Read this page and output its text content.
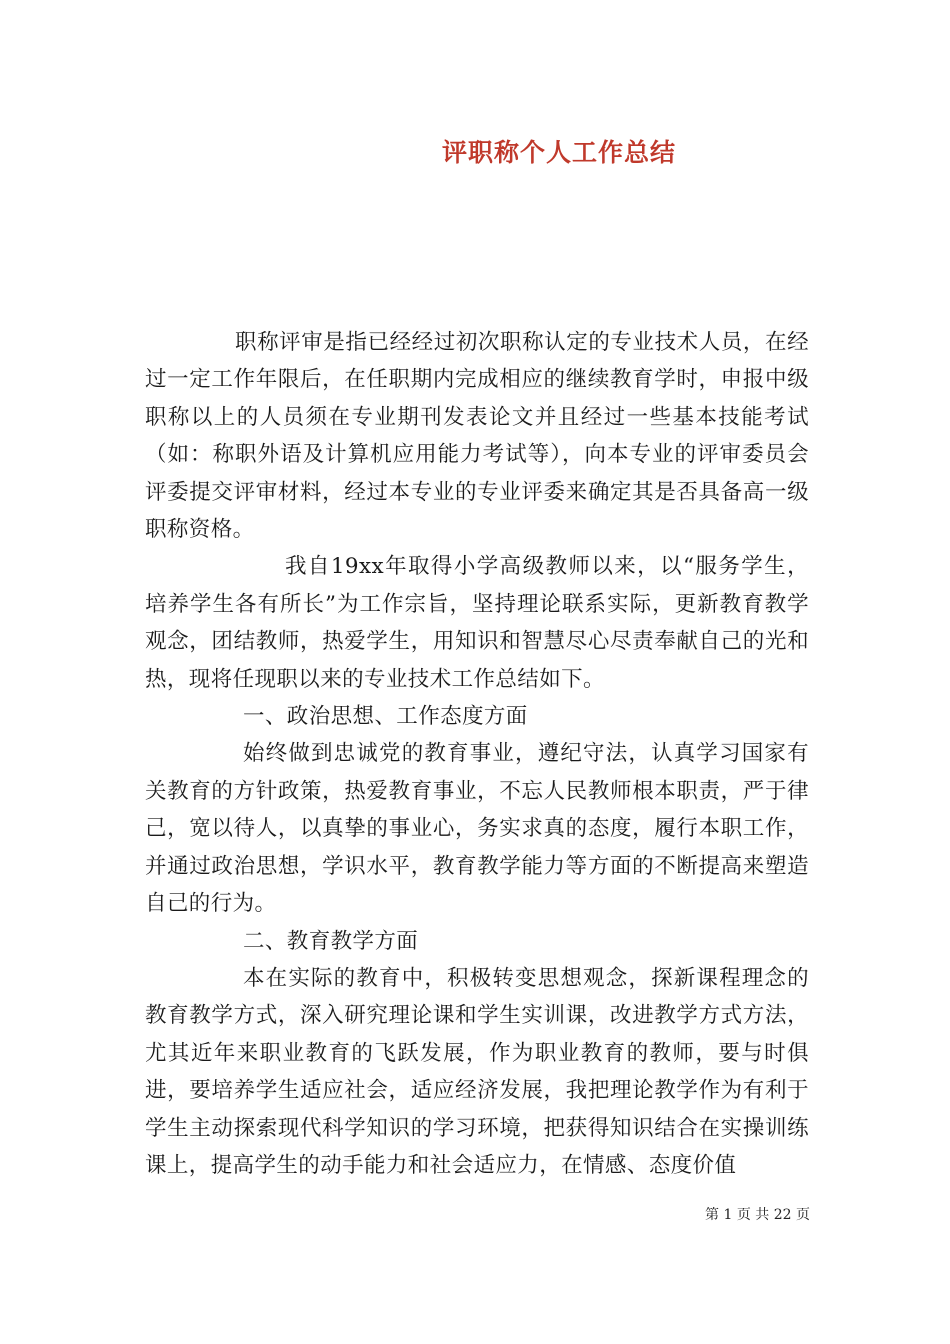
评职称个人工作总结

职称评审是指已经经过初次职称认定的专业技术人员，在经过一定工作年限后，在任职期内完成相应的继续教育学时，申报中级职称以上的人员须在专业期刊发表论文并且经过一些基本技能考试（如：称职外语及计算机应用能力考试等），向本专业的评审委员会评委提交评审材料，经过本专业的专业评委来确定其是否具备高一级职称资格。

我自19xx年取得小学高级教师以来，以“服务学生，培养学生各有所长”为工作宗旨，坚持理论联系实际，更新教育教学观念，团结教师，热爱学生，用知识和智慧尽心尽责奉献自己的光和热，现将任现职以来的专业技术工作总结如下。

一、政治思想、工作态度方面

始终做到忠诚党的教育事业，遵纪守法，认真学习国家有关教育的方针政策，热爱教育事业，不忘人民教师根本职责，严于律己，宽以待人，以真挚的事业心，务实求真的态度，履行本职工作，并通过政治思想，学识水平，教育教学能力等方面的不断提高来塑造自己的行为。

二、教育教学方面

本在实际的教育中，积极转变思想观念，探新课程理念的教育教学方式，深入研究理论课和学生实训课，改进教学方式方法，尤其近年来职业教育的飞跃发展，作为职业教育的教师，要与时俱进，要培养学生适应社会，适应经济发展，我把理论教学作为有利于学生主动探索现代科学知识的学习环境，把获得知识结合在实操训练课上，提高学生的动手能力和社会适应力，在情感、态度价值

第 1 页 共 22 页
